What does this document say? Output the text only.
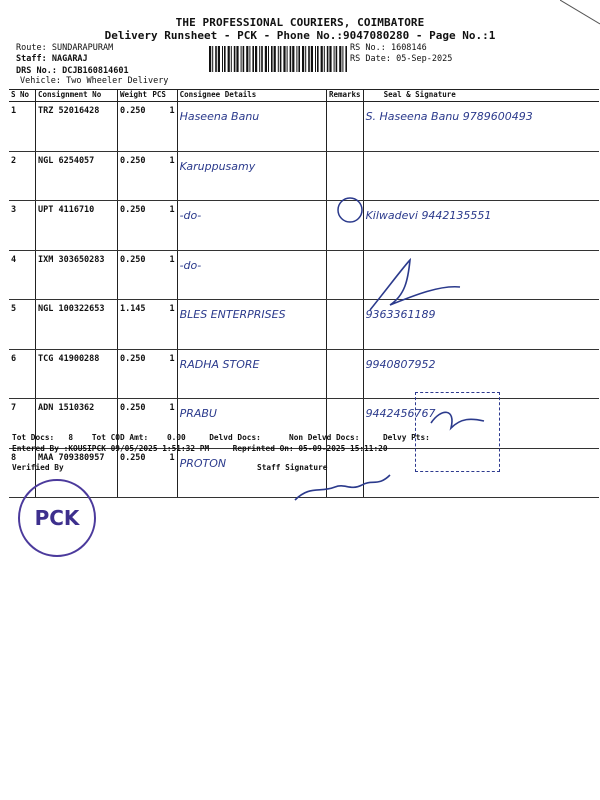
THE PROFESSIONAL COURIERS, COIMBATORE
Delivery Runsheet - PCK - Phone No.:9047080280 - Page No.:1
Route: SUNDARAPURAM
Staff: NAGARAJ
DRS No.: DCJB160814601
Vehicle: Two Wheeler Delivery
RS No.: 1608146
RS Date: 05-Sep-2025
S No	Consignment No	Weight	PCS	Consignee Details	Remarks	Seal & Signature
1	TRZ 52016428	0.250	1	Haseena Banu		S. Haseena Banu 9789600493
2	NGL 6254057	0.250	1	Karuppusamy		
3	UPT 4116710	0.250	1	-do-		Kilwadevi 9442135551
4	IXM 303650283	0.250	1	-do-		
5	NGL 100322653	1.145	1	BLES ENTERPRISES		9363361189
6	TCG 41900288	0.250	1	RADHA STORE		9940807952
7	ADN 1510362	0.250	1	PRABU		9442456767
8	MAA 709380957	0.250	1	PROTON		
Tot Docs: 8 Tot COD Amt: 0.00	Delvd Docs:	Non Delvd Docs:	Delvy Pts:
Entered By :KOUSIPCK 09/05/2025 1:51:32 PM	Reprinted On: 05-09-2025 15:11:20
Verified By	Staff Signature
PCK
